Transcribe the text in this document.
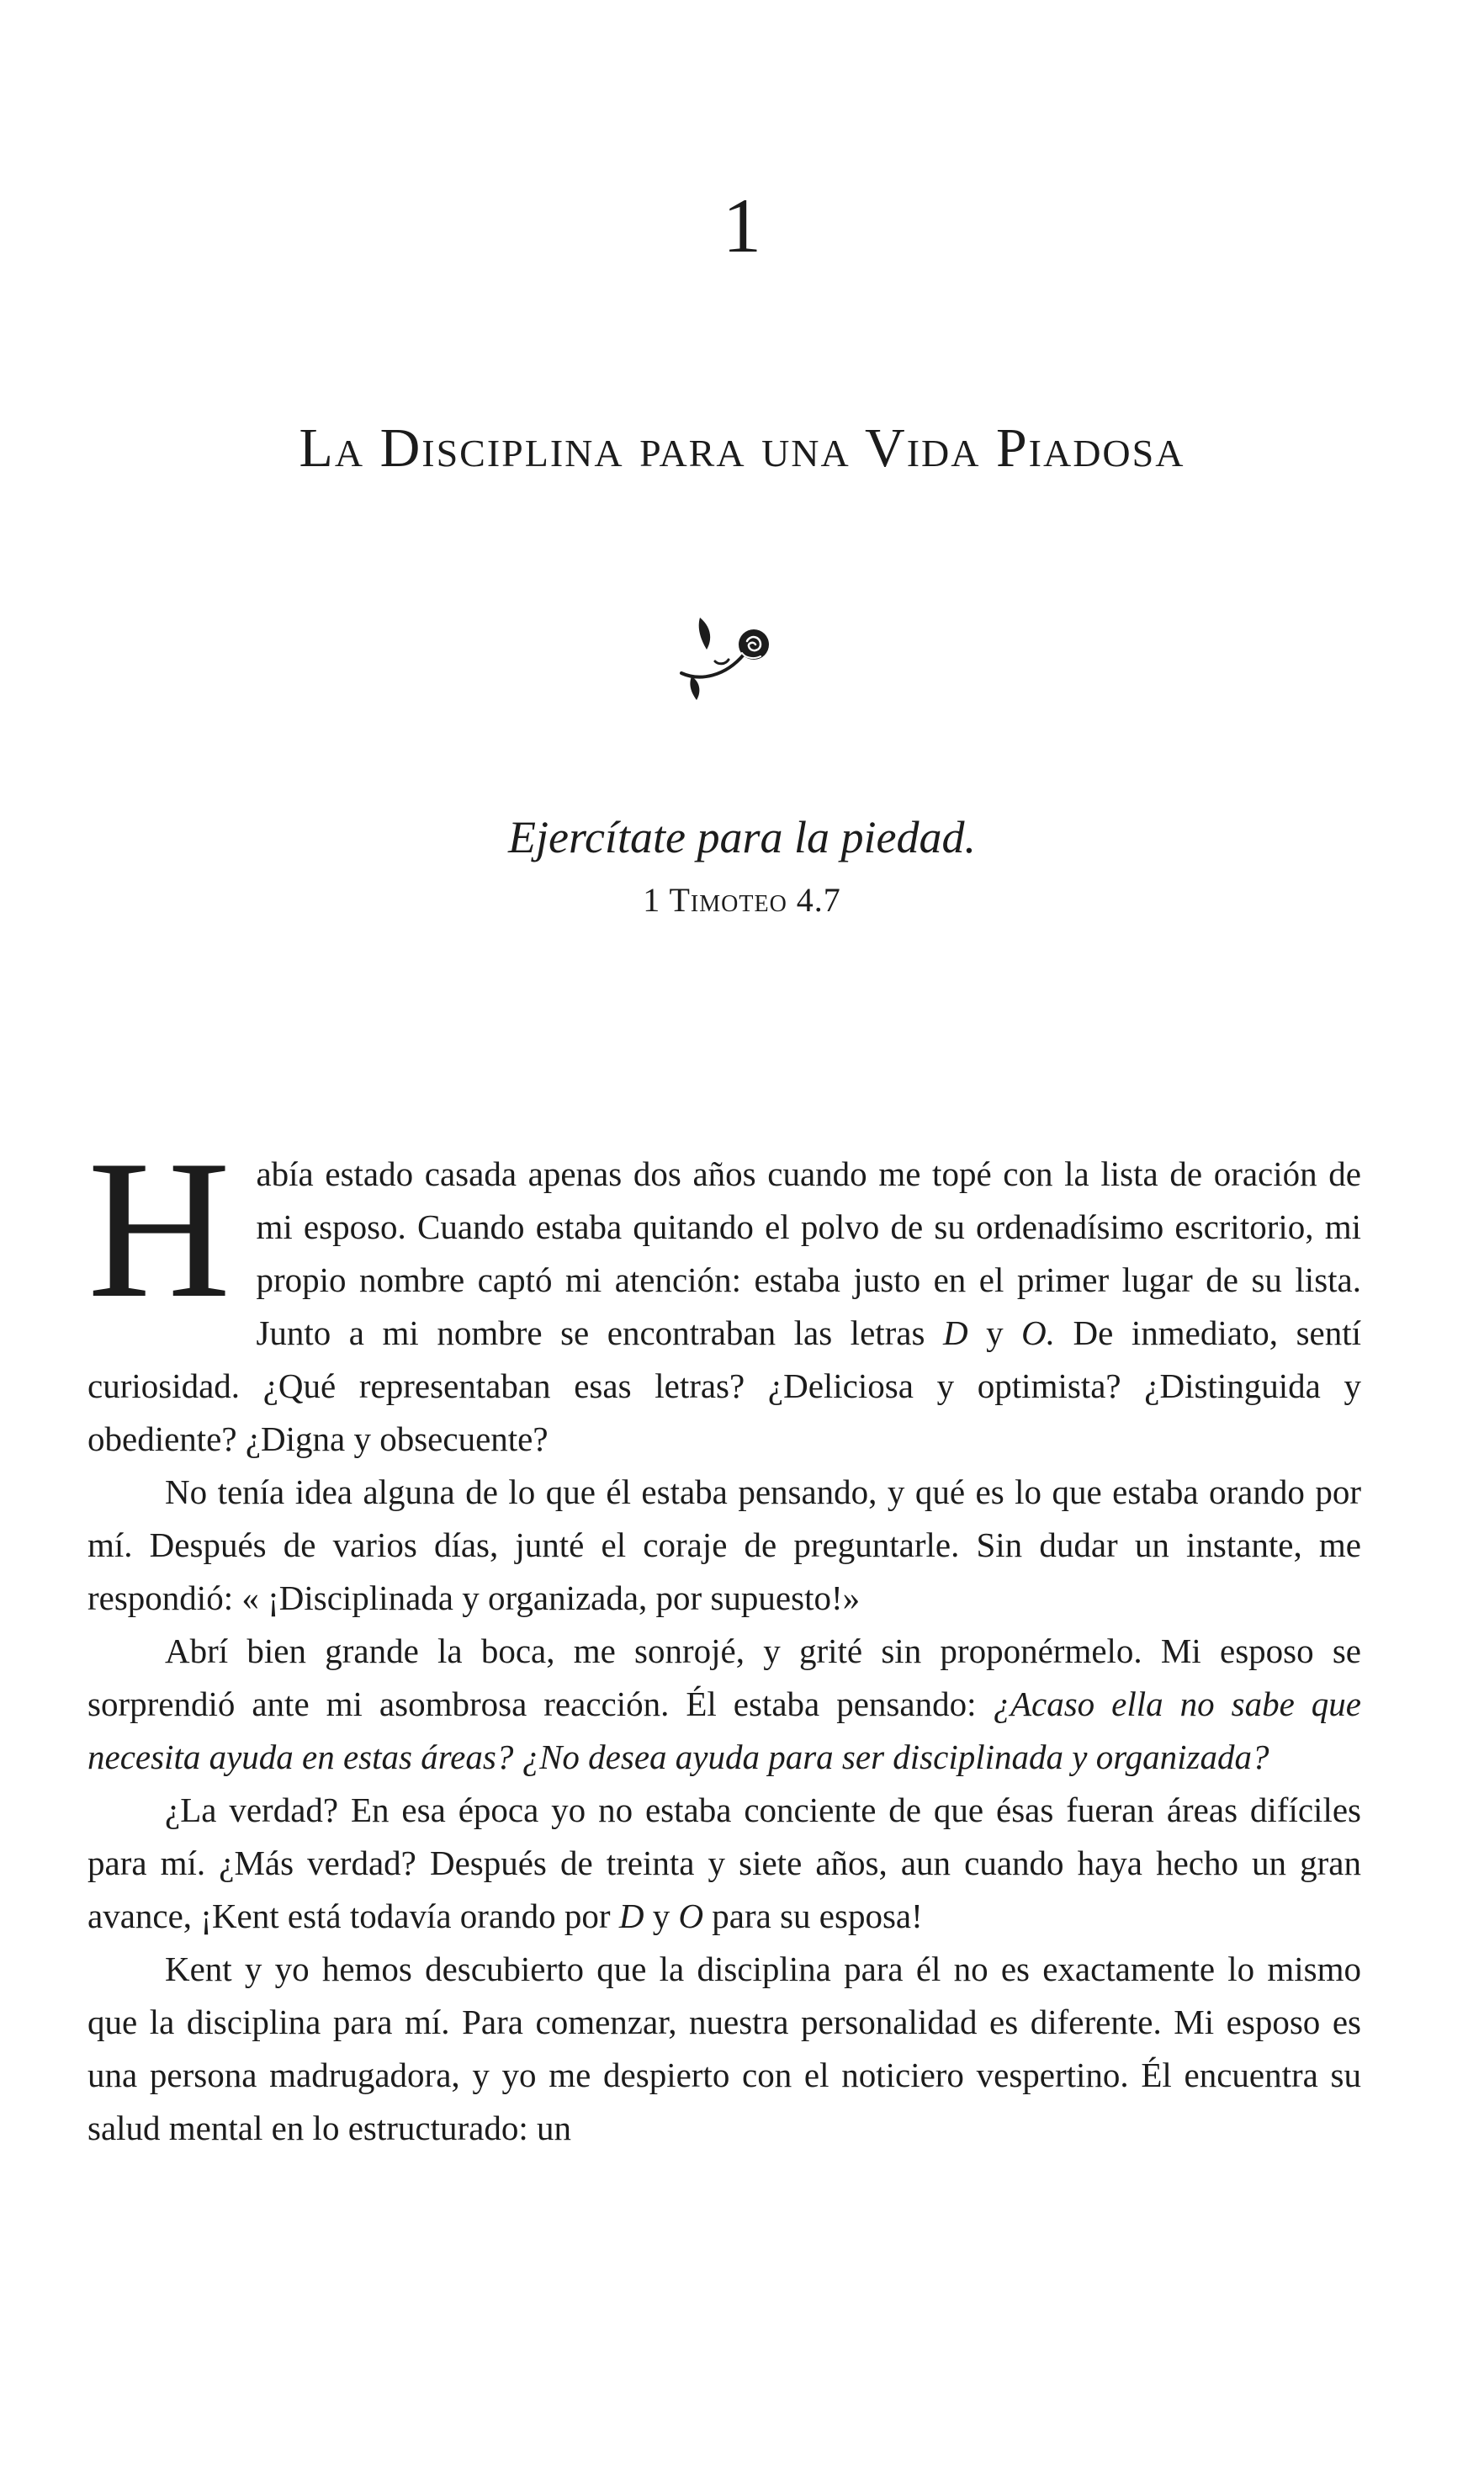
1
La Disciplina para una Vida Piadosa
Ejercítate para la piedad.
1 Timoteo 4.7

Había estado casada apenas dos años cuando me topé con la lista de oración de mi esposo. Cuando estaba quitando el polvo de su ordenadísimo escritorio, mi propio nombre captó mi atención: estaba justo en el primer lugar de su lista. Junto a mi nombre se encontraban las letras D y O. De inmediato, sentí curiosidad. ¿Qué representaban esas letras? ¿Deliciosa y optimista? ¿Distinguida y obediente? ¿Digna y obsecuente?

No tenía idea alguna de lo que él estaba pensando, y qué es lo que estaba orando por mí. Después de varios días, junté el coraje de preguntarle. Sin dudar un instante, me respondió: « ¡Disciplinada y organizada, por supuesto!»

Abrí bien grande la boca, me sonrojé, y grité sin proponérmelo. Mi esposo se sorprendió ante mi asombrosa reacción. Él estaba pensando: ¿Acaso ella no sabe que necesita ayuda en estas áreas? ¿No desea ayuda para ser disciplinada y organizada?

¿La verdad? En esa época yo no estaba conciente de que ésas fueran áreas difíciles para mí. ¿Más verdad? Después de treinta y siete años, aun cuando haya hecho un gran avance, ¡Kent está todavía orando por D y O para su esposa!

Kent y yo hemos descubierto que la disciplina para él no es exactamente lo mismo que la disciplina para mí. Para comenzar, nuestra personalidad es diferente. Mi esposo es una persona madrugadora, y yo me despierto con el noticiero vespertino. Él encuentra su salud mental en lo estructurado: un
